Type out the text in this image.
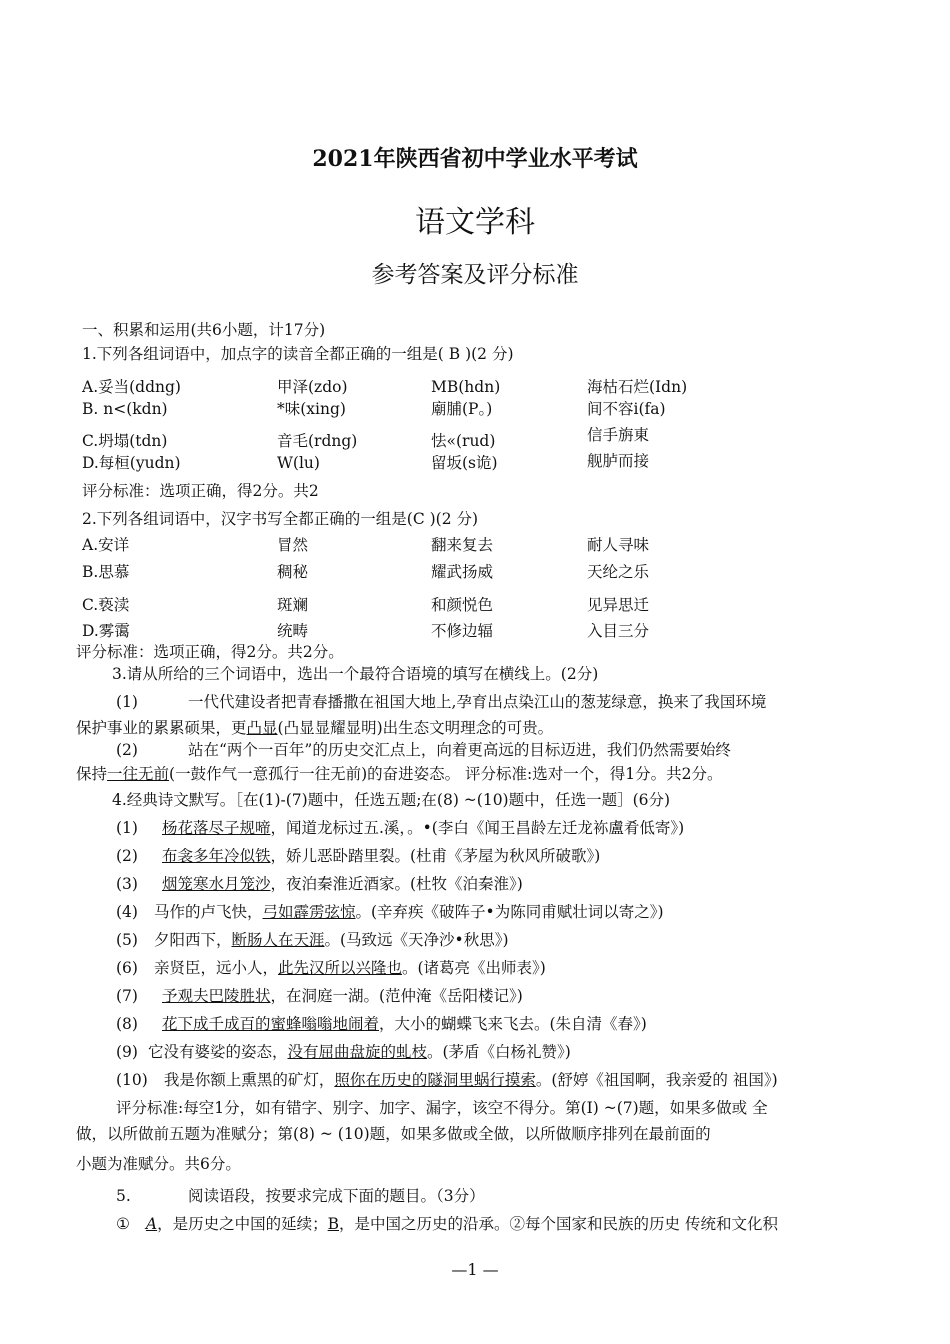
2021年陕西省初中学业水平考试
语文学科
参考答案及评分标准
一、积累和运用(共6小题，计17分)
1.下列各组词语中，加点字的读音全都正确的一组是( B )(2 分)
A.妥当(ddng)	甲泽(zdo)	MB(hdn)	海枯石烂(Idn)
B. n<(kdn)	*味(xing)	廟脯(P。)	间不容i(fa)
C.坍塌(tdn)	音毛(rdng)	怯«(rud)	信手旃東
D.每桓(yudn)	W(lu)	留坂(s诡)	舰胪而接
评分标准：选项正确，得2分。共2
2.下列各组词语中，汉字书写全都正确的一组是(C )(2 分)
A.安详	冒然	翻来复去	耐人寻味
B.思慕	稠秘	耀武扬威	天纶之乐
C.亵渎	斑斓	和颜悦色	见异思迁
D.雾霭	统畴	不修边辐	入目三分
评分标准：选项正确，得2分。共2分。
3.请从所给的三个词语中，选出一个最符合语境的填写在横线上。(2分)
(1)	一代代建设者把青春播撒在祖国大地上,孕育出点染江山的葱茏绿意，换来了我国环境
保护事业的累累硕果，更凸显(凸显显耀显明)出生态文明理念的可贵。
(2)	站在“两个一百年”的历史交汇点上，向着更高远的目标迈进，我们仍然需要始终
保持一往无前(一鼓作气一意孤行一往无前)的奋进姿态。 评分标准:选对一个，得1分。共2分。
4.经典诗文默写。［在(1)-(7)题中，任选五题;在(8) ~(10)题中，任选一题］(6分)
(1) 杨花落尽子规啼，闻道龙标过五.溪，。•(李白《闻王昌龄左迁龙袮盧肴低寄》)
(2) 布衾多年冷似铁，娇儿恶卧踏里裂。(杜甫《茅屋为秋风所破歌》)
(3) 烟笼寒水月笼沙，夜泊秦淮近酒家。(杜牧《泊秦淮》)
(4) 马作的卢飞快，弓如霹雳弦惊。(辛弃疾《破阵子•为陈同甫赋壮词以寄之》)
(5) 夕阳西下，断肠人在天涯。(马致远《天净沙•秋思》)
(6) 亲贤臣，远小人，此先汉所以兴隆也。(诸葛亮《出师表》)
(7) 予观夫巴陵胜状，在洞庭一湖。(范仲淹《岳阳楼记》)
(8) 花下成千成百的蜜蜂嗡嗡地闹着，大小的蝴蝶飞来飞去。(朱自清《春》)
(9) 它没有婆娑的姿态，没有屈曲盘旋的虬枝。(茅盾《白杨礼赞》)
(10) 我是你额上熏黑的矿灯，照你在历史的隧洞里蜗行摸索。(舒婷《祖国啊，我亲爱的 祖国》)
评分标准:每空1分，如有错字、别字、加字、漏字，该空不得分。第(I) ~(7)题，如果多做或 全
做，以所做前五题为准赋分；第(8) ~ (10)题，如果多做或全做，以所做顺序排列在最前面的
小题为准赋分。共6分。
5.	阅读语段，按要求完成下面的题目。（3分）
① A，是历史之中国的延续；B，是中国之历史的沿承。②每个国家和民族的历史 传统和文化积
—1 —
